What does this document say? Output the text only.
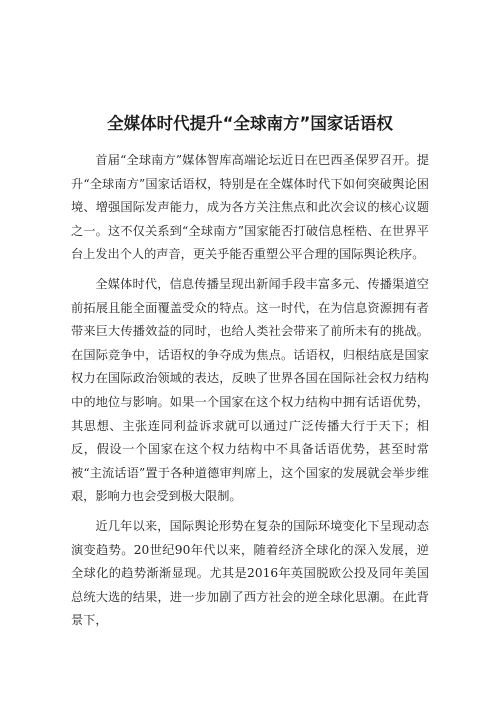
全媒体时代提升“全球南方”国家话语权

首届“全球南方”媒体智库高端论坛近日在巴西圣保罗召开。提升“全球南方”国家话语权，特别是在全媒体时代下如何突破舆论困境、增强国际发声能力，成为各方关注焦点和此次会议的核心议题之一。这不仅关系到“全球南方”国家能否打破信息桎梏、在世界平台上发出个人的声音，更关乎能否重塑公平合理的国际舆论秩序。

全媒体时代，信息传播呈现出新闻手段丰富多元、传播渠道空前拓展且能全面覆盖受众的特点。这一时代，在为信息资源拥有者带来巨大传播效益的同时，也给人类社会带来了前所未有的挑战。在国际竞争中，话语权的争夺成为焦点。话语权，归根结底是国家权力在国际政治领域的表达，反映了世界各国在国际社会权力结构中的地位与影响。如果一个国家在这个权力结构中拥有话语优势，其思想、主张连同利益诉求就可以通过广泛传播大行于天下；相反，假设一个国家在这个权力结构中不具备话语优势，甚至时常被“主流话语”置于各种道德审判席上，这个国家的发展就会举步维艰，影响力也会受到极大限制。

近几年以来，国际舆论形势在复杂的国际环境变化下呈现动态演变趋势。20世纪90年代以来，随着经济全球化的深入发展，逆全球化的趋势渐渐显现。尤其是2016年英国脱欧公投及同年美国总统大选的结果，进一步加剧了西方社会的逆全球化思潮。在此背景下，
